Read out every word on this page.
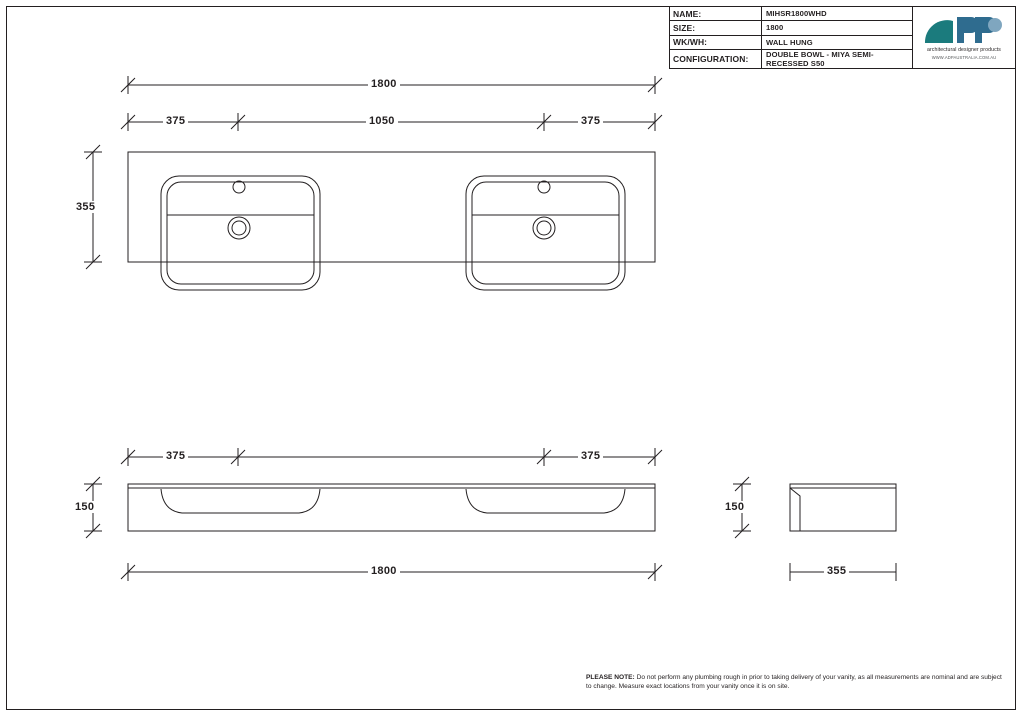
NAME:	MIHSR1800WHD
SIZE:	1800
WK/WH:	WALL HUNG
CONFIGURATION:	DOUBLE BOWL - MIYA SEMI-RECESSED S50
architectural designer products
WWW.ADPAUSTRALIA.COM.AU
1800
375	1050	375
355
375	375
150
1800
150
355
PLEASE NOTE: Do not perform any plumbing rough in prior to taking delivery of your vanity, as all measurements are nominal and are subject to change. Measure exact locations from your vanity once it is on site.
